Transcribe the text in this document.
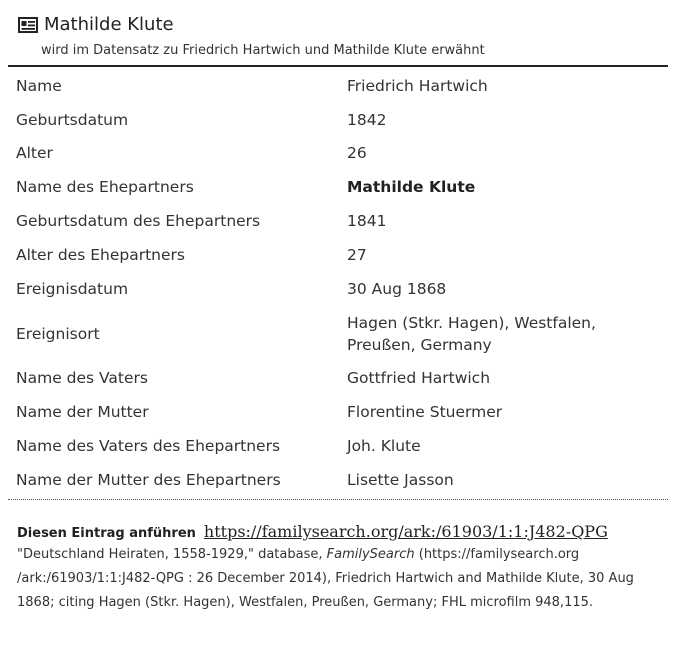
Mathilde Klute
wird im Datensatz zu Friedrich Hartwich und Mathilde Klute erwähnt
Name	Friedrich Hartwich
Geburtsdatum	1842
Alter	26
Name des Ehepartners	Mathilde Klute
Geburtsdatum des Ehepartners	1841
Alter des Ehepartners	27
Ereignisdatum	30 Aug 1868
Ereignisort	Hagen (Stkr. Hagen), Westfalen,
Preußen, Germany

Name des Vaters	Gottfried Hartwich
Name der Mutter	Florentine Stuermer
Name des Vaters des Ehepartners	Joh. Klute
Name der Mutter des Ehepartners	Lisette Jasson
Diesen Eintrag anführen https://familysearch.org/ark:/61903/1:1:J482-QPG
"Deutschland Heiraten, 1558-1929," database, FamilySearch (https://familysearch.org /ark:/61903/1:1:J482-QPG : 26 December 2014), Friedrich Hartwich and Mathilde Klute, 30 Aug 1868; citing Hagen (Stkr. Hagen), Westfalen, Preußen, Germany; FHL microfilm 948,115.
